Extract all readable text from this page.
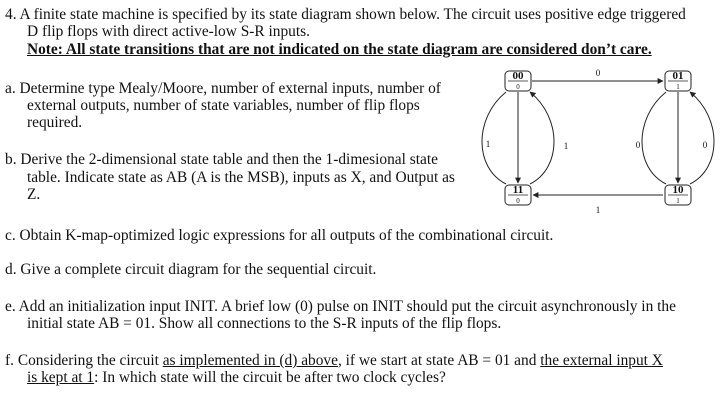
4. A finite state machine is specified by its state diagram shown below. The circuit uses positive edge triggered
D flip flops with direct active-low S-R inputs.
Note: All state transitions that are not indicated on the state diagram are considered don’t care.
a. Determine type Mealy/Moore, number of external inputs, number of
external outputs, number of state variables, number of flip flops
required.
b. Derive the 2-dimensional state table and then the 1-dimesional state
table. Indicate state as AB (A is the MSB), inputs as X, and Output as
Z.
c. Obtain K-map-optimized logic expressions for all outputs of the combinational circuit.
d. Give a complete circuit diagram for the sequential circuit.
e. Add an initialization input INIT. A brief low (0) pulse on INIT should put the circuit asynchronously in the
initial state AB = 01. Show all connections to the S-R inputs of the flip flops.
f. Considering the circuit as implemented in (d) above, if we start at state AB = 01 and the external input X
is kept at 1: In which state will the circuit be after two clock cycles?
0
1	1	0
0
1
00
0
01
1
11
0
10
1
